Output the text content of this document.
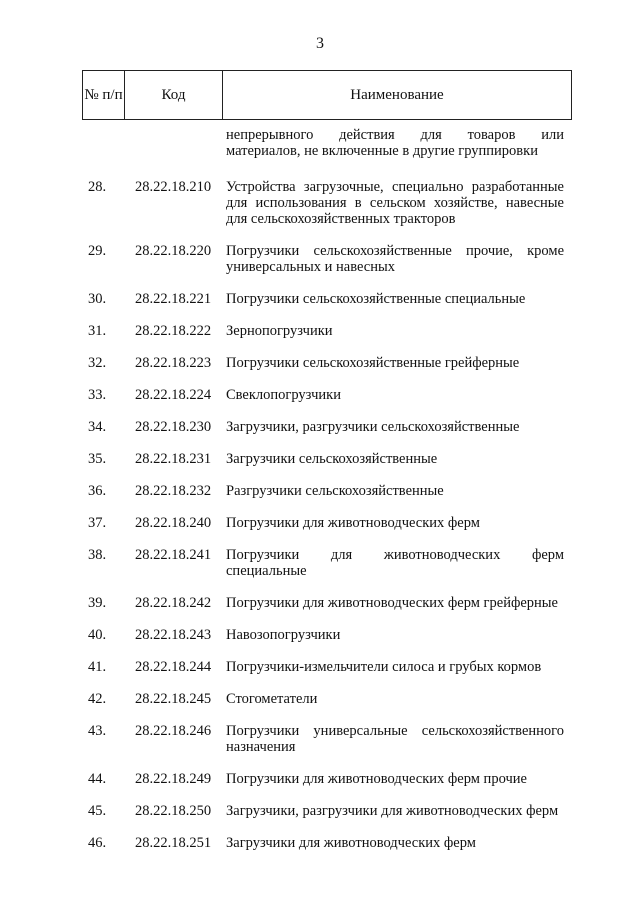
3
№ п/п	Код	Наименование
непрерывного действия для товаров или
материалов, не включенные в другие группировки
28.	28.22.18.210	Устройства загрузочные, специально разработанные для использования в сельском хозяйстве, навесные для сельскохозяйственных тракторов
29.	28.22.18.220	Погрузчики сельскохозяйственные прочие, кроме универсальных и навесных
30.	28.22.18.221	Погрузчики сельскохозяйственные специальные
31.	28.22.18.222	Зернопогрузчики
32.	28.22.18.223	Погрузчики сельскохозяйственные грейферные
33.	28.22.18.224	Свеклопогрузчики
34.	28.22.18.230	Загрузчики, разгрузчики сельскохозяйственные
35.	28.22.18.231	Загрузчики сельскохозяйственные
36.	28.22.18.232	Разгрузчики сельскохозяйственные
37.	28.22.18.240	Погрузчики для животноводческих ферм
38.	28.22.18.241	Погрузчики для животноводческих ферм специальные
39.	28.22.18.242	Погрузчики для животноводческих ферм грейферные
40.	28.22.18.243	Навозопогрузчики
41.	28.22.18.244	Погрузчики-измельчители силоса и грубых кормов
42.	28.22.18.245	Стогометатели
43.	28.22.18.246	Погрузчики универсальные сельскохозяйственного назначения
44.	28.22.18.249	Погрузчики для животноводческих ферм прочие
45.	28.22.18.250	Загрузчики, разгрузчики для животноводческих ферм
46.	28.22.18.251	Загрузчики для животноводческих ферм
